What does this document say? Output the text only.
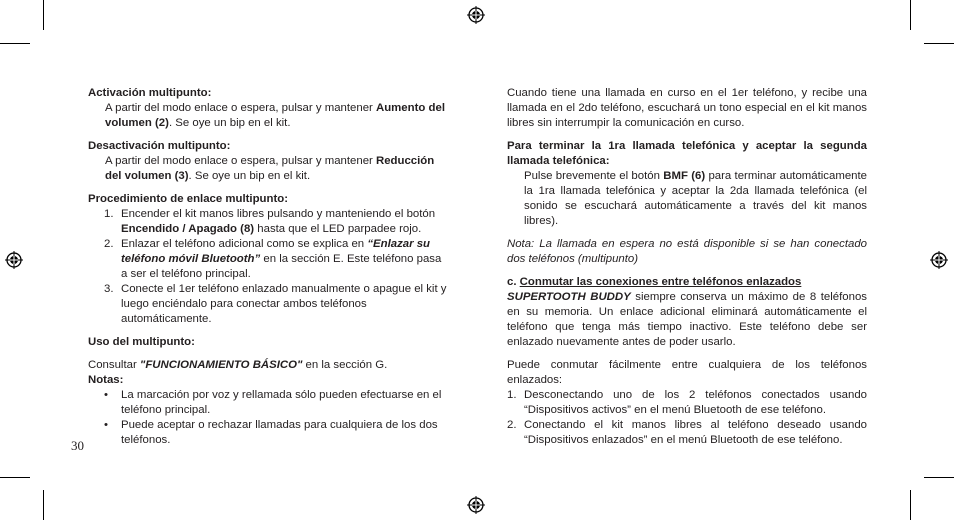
Activación multipunto:

A partir del modo enlace o espera, pulsar y mantener Aumento del volumen (2). Se oye un bip en el kit.

Desactivación multipunto:

A partir del modo enlace o espera, pulsar y mantener Reducción del volumen (3). Se oye un bip en el kit.

Procedimiento de enlace multipunto:

1. Encender el kit manos libres pulsando y manteniendo el botón Encendido / Apagado (8) hasta que el LED parpadee rojo.
2. Enlazar el teléfono adicional como se explica en “Enlazar su teléfono móvil Bluetooth” en la sección E. Este teléfono pasa a ser el teléfono principal.
3. Conecte el 1er teléfono enlazado manualmente o apague el kit y luego enciéndalo para conectar ambos teléfonos automáticamente.

Uso del multipunto:

Consultar "FUNCIONAMIENTO BÁSICO" en la sección G.

Notas:

• La marcación por voz y rellamada sólo pueden efectuarse en el teléfono principal.
• Puede aceptar o rechazar llamadas para cualquiera de los dos teléfonos.

Cuando tiene una llamada en curso en el 1er teléfono, y recibe una llamada en el 2do teléfono, escuchará un tono especial en el kit manos libres sin interrumpir la comunicación en curso.

Para terminar la 1ra llamada telefónica y aceptar la segunda llamada telefónica:

Pulse brevemente el botón BMF (6) para terminar automáticamente la 1ra llamada telefónica y aceptar la 2da llamada telefónica (el sonido se escuchará automáticamente a través del kit manos libres).

Nota: La llamada en espera no está disponible si se han conectado dos teléfonos (multipunto)

c. Conmutar las conexiones entre teléfonos enlazados

SUPERTOOTH BUDDY siempre conserva un máximo de 8 teléfonos en su memoria. Un enlace adicional eliminará automáticamente el teléfono que tenga más tiempo inactivo. Este teléfono debe ser enlazado nuevamente antes de poder usarlo.

Puede conmutar fácilmente entre cualquiera de los teléfonos enlazados:

1. Desconectando uno de los 2 teléfonos conectados usando “Dispositivos activos” en el menú Bluetooth de ese teléfono.
2. Conectando el kit manos libres al teléfono deseado usando “Dispositivos enlazados” en el menú Bluetooth de ese teléfono.
30
